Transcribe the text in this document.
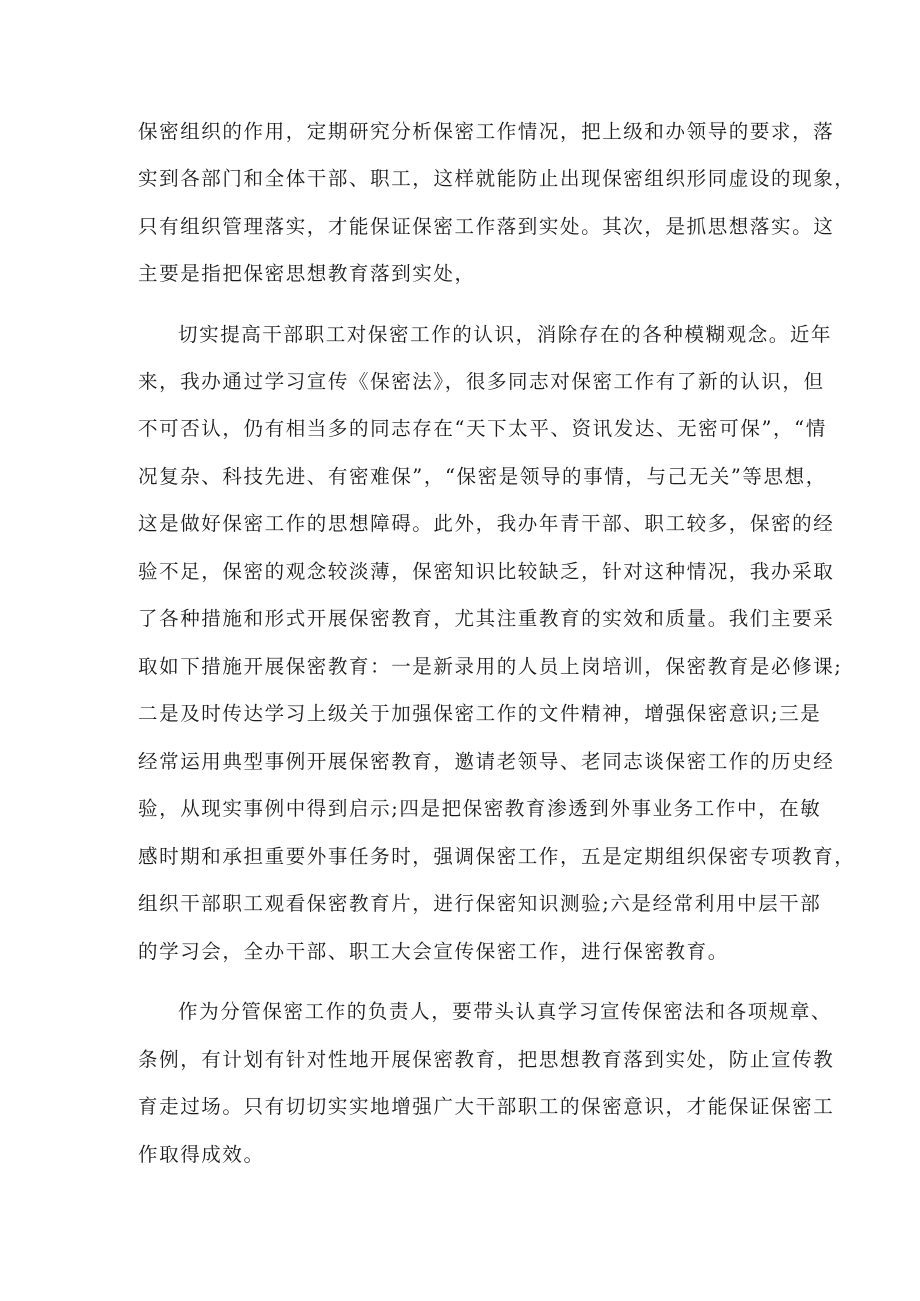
保密组织的作用，定期研究分析保密工作情况，把上级和办领导的要求，落
实到各部门和全体干部、职工，这样就能防止出现保密组织形同虚设的现象，
只有组织管理落实，才能保证保密工作落到实处。其次，是抓思想落实。这
主要是指把保密思想教育落到实处，
切实提高干部职工对保密工作的认识，消除存在的各种模糊观念。近年
来，我办通过学习宣传《保密法》，很多同志对保密工作有了新的认识，但
不可否认，仍有相当多的同志存在“天下太平、资讯发达、无密可保”，“情
况复杂、科技先进、有密难保”，“保密是领导的事情，与己无关”等思想，
这是做好保密工作的思想障碍。此外，我办年青干部、职工较多，保密的经
验不足，保密的观念较淡薄，保密知识比较缺乏，针对这种情况，我办采取
了各种措施和形式开展保密教育，尤其注重教育的实效和质量。我们主要采
取如下措施开展保密教育：一是新录用的人员上岗培训，保密教育是必修课;
二是及时传达学习上级关于加强保密工作的文件精神，增强保密意识;三是
经常运用典型事例开展保密教育，邀请老领导、老同志谈保密工作的历史经
验，从现实事例中得到启示;四是把保密教育渗透到外事业务工作中，在敏
感时期和承担重要外事任务时，强调保密工作，五是定期组织保密专项教育，
组织干部职工观看保密教育片，进行保密知识测验;六是经常利用中层干部
的学习会，全办干部、职工大会宣传保密工作，进行保密教育。
作为分管保密工作的负责人，要带头认真学习宣传保密法和各项规章、
条例，有计划有针对性地开展保密教育，把思想教育落到实处，防止宣传教
育走过场。只有切切实实地增强广大干部职工的保密意识，才能保证保密工
作取得成效。
